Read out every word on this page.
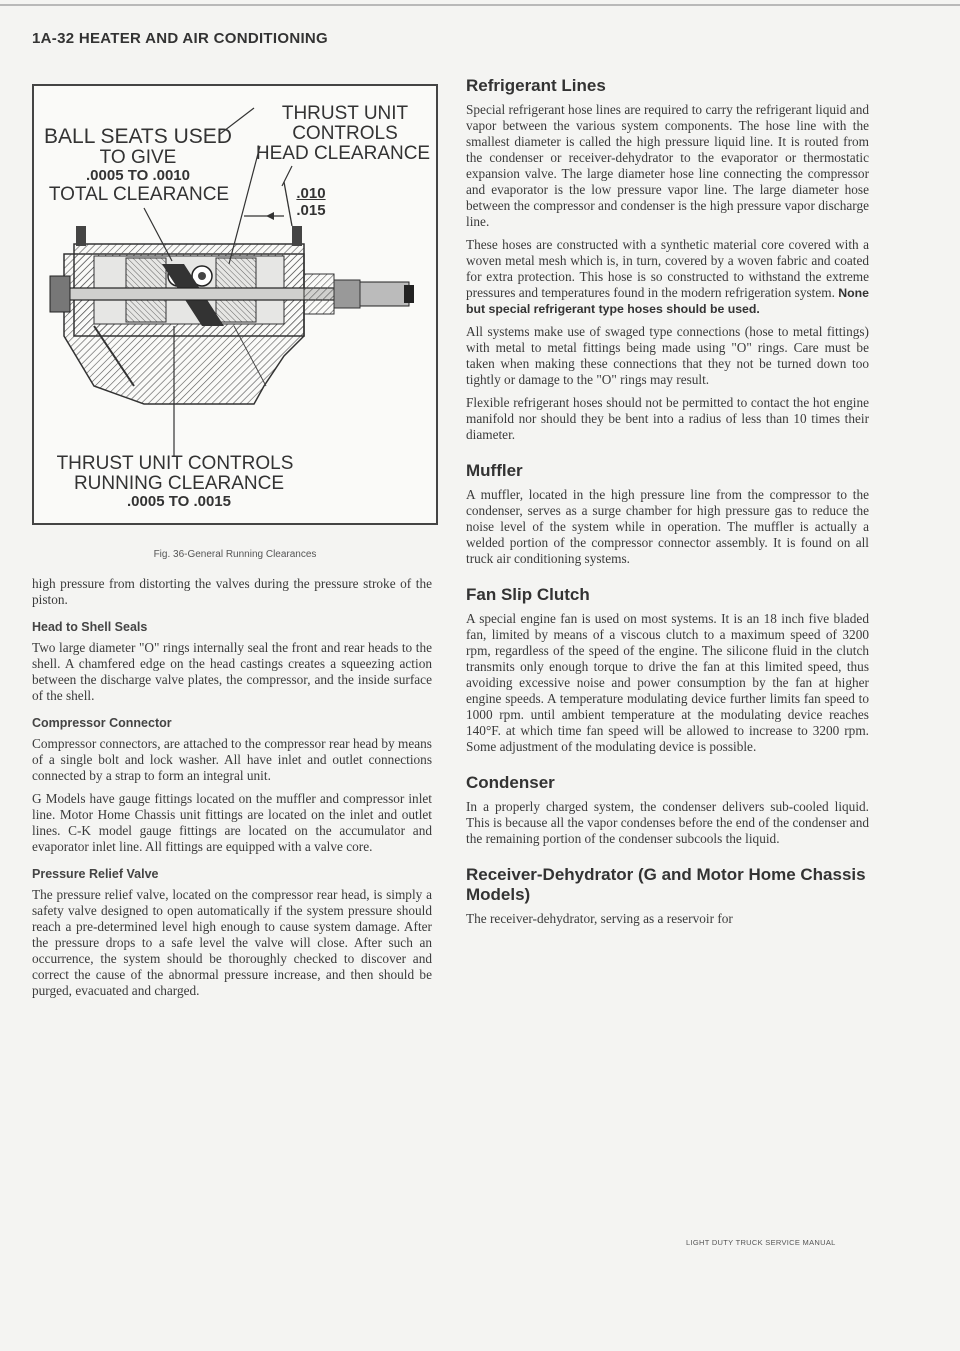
1A-32 HEATER AND AIR CONDITIONING
BALL SEATS USED
TO GIVE
.0005 TO .0010
TOTAL CLEARANCE
THRUST UNIT
CONTROLS
HEAD CLEARANCE
.010
.015
THRUST UNIT CONTROLS
RUNNING CLEARANCE
.0005 TO .0015
Fig. 36-General Running Clearances

high pressure from distorting the valves during the pressure stroke of the piston.

Head to Shell Seals

Two large diameter "O" rings internally seal the front and rear heads to the shell. A chamfered edge on the head castings creates a squeezing action between the discharge valve plates, the compressor, and the inside surface of the shell.

Compressor Connector

Compressor connectors, are attached to the compressor rear head by means of a single bolt and lock washer. All have inlet and outlet connections connected by a strap to form an integral unit.

G Models have gauge fittings located on the muffler and compressor inlet line. Motor Home Chassis unit fittings are located on the inlet and outlet lines. C-K model gauge fittings are located on the accumulator and evaporator inlet line. All fittings are equipped with a valve core.

Pressure Relief Valve

The pressure relief valve, located on the compressor rear head, is simply a safety valve designed to open automatically if the system pressure should reach a pre-determined level high enough to cause system damage. After the pressure drops to a safe level the valve will close. After such an occurrence, the system should be thoroughly checked to discover and correct the cause of the abnormal pressure increase, and then should be purged, evacuated and charged.

Refrigerant Lines

Special refrigerant hose lines are required to carry the refrigerant liquid and vapor between the various system components. The hose line with the smallest diameter is called the high pressure liquid line. It is routed from the condenser or receiver-dehydrator to the evaporator or thermostatic expansion valve. The large diameter hose line connecting the compressor and evaporator is the low pressure vapor line. The large diameter hose between the compressor and condenser is the high pressure vapor discharge line.

These hoses are constructed with a synthetic material core covered with a woven metal mesh which is, in turn, covered by a woven fabric and coated for extra protection. This hose is so constructed to withstand the extreme pressures and temperatures found in the modern refrigeration system. None but special refrigerant type hoses should be used.

All systems make use of swaged type connections (hose to metal fittings) with metal to metal fittings being made using "O" rings. Care must be taken when making these connections that they not be turned down too tightly or damage to the "O" rings may result.

Flexible refrigerant hoses should not be permitted to contact the hot engine manifold nor should they be bent into a radius of less than 10 times their diameter.

Muffler

A muffler, located in the high pressure line from the compressor to the condenser, serves as a surge chamber for high pressure gas to reduce the noise level of the system while in operation. The muffler is actually a welded portion of the compressor connector assembly. It is found on all truck air conditioning systems.

Fan Slip Clutch

A special engine fan is used on most systems. It is an 18 inch five bladed fan, limited by means of a viscous clutch to a maximum speed of 3200 rpm, regardless of the speed of the engine. The silicone fluid in the clutch transmits only enough torque to drive the fan at this limited speed, thus avoiding excessive noise and power consumption by the fan at higher engine speeds. A temperature modulating device further limits fan speed to 1000 rpm. until ambient temperature at the modulating device reaches 140°F. at which time fan speed will be allowed to increase to 3200 rpm. Some adjustment of the modulating device is possible.

Condenser

In a properly charged system, the condenser delivers sub-cooled liquid. This is because all the vapor condenses before the end of the condenser and the remaining portion of the condenser subcools the liquid.

Receiver-Dehydrator (G and Motor Home Chassis Models)

The receiver-dehydrator, serving as a reservoir for

LIGHT DUTY TRUCK SERVICE MANUAL
